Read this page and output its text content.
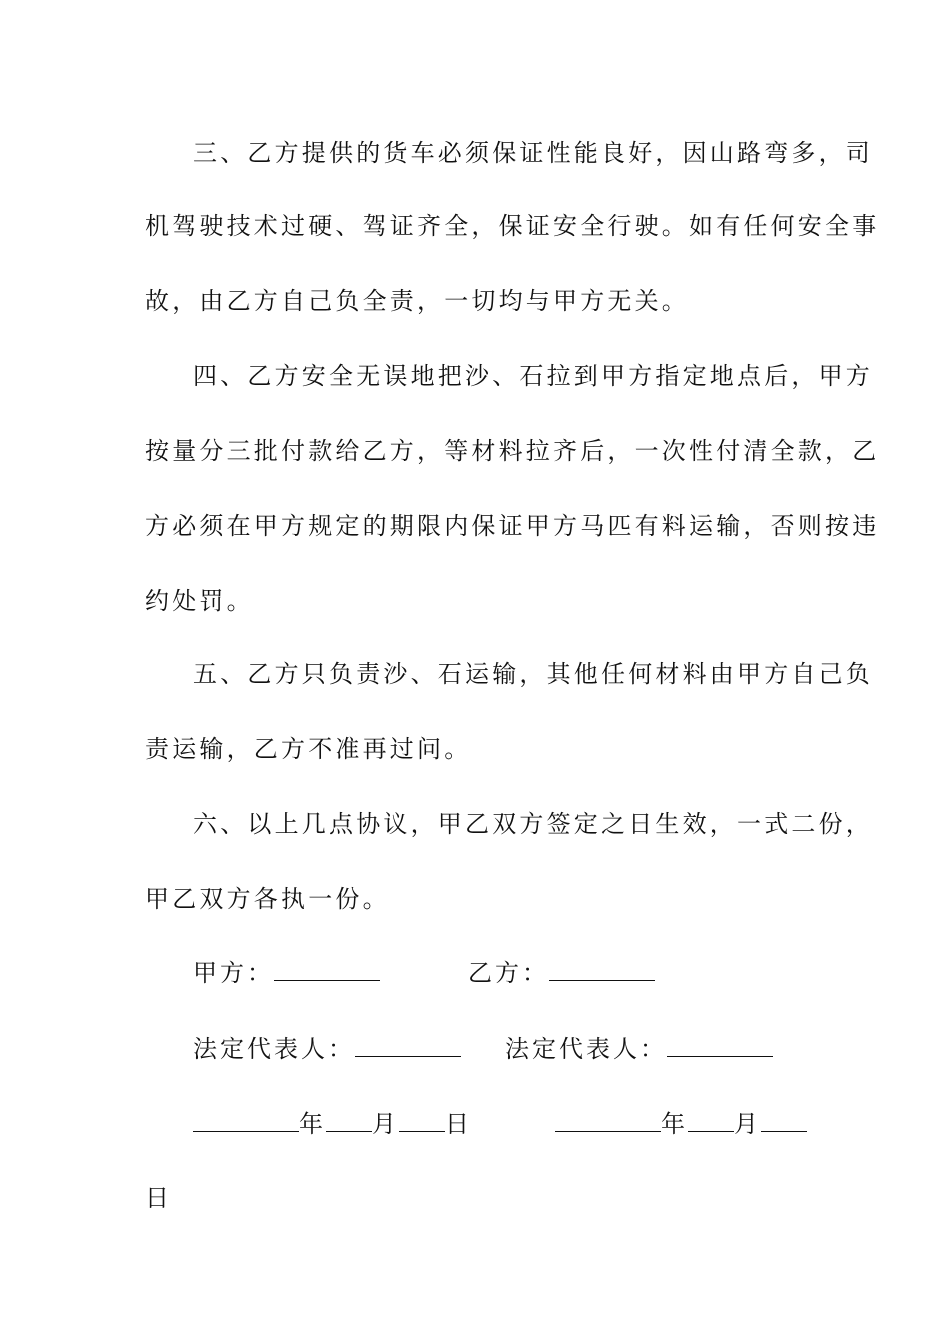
三、乙方提供的货车必须保证性能良好，因山路弯多，司
机驾驶技术过硬、驾证齐全，保证安全行驶。如有任何安全事
故，由乙方自己负全责，一切均与甲方无关。
四、乙方安全无误地把沙、石拉到甲方指定地点后，甲方
按量分三批付款给乙方，等材料拉齐后，一次性付清全款，乙
方必须在甲方规定的期限内保证甲方马匹有料运输，否则按违
约处罚。
五、乙方只负责沙、石运输，其他任何材料由甲方自己负
责运输，乙方不准再过问。
六、以上几点协议，甲乙双方签定之日生效，一式二份，
甲乙双方各执一份。
甲方：	乙方：
法定代表人：	法定代表人：
年 月 日	年 月
日
